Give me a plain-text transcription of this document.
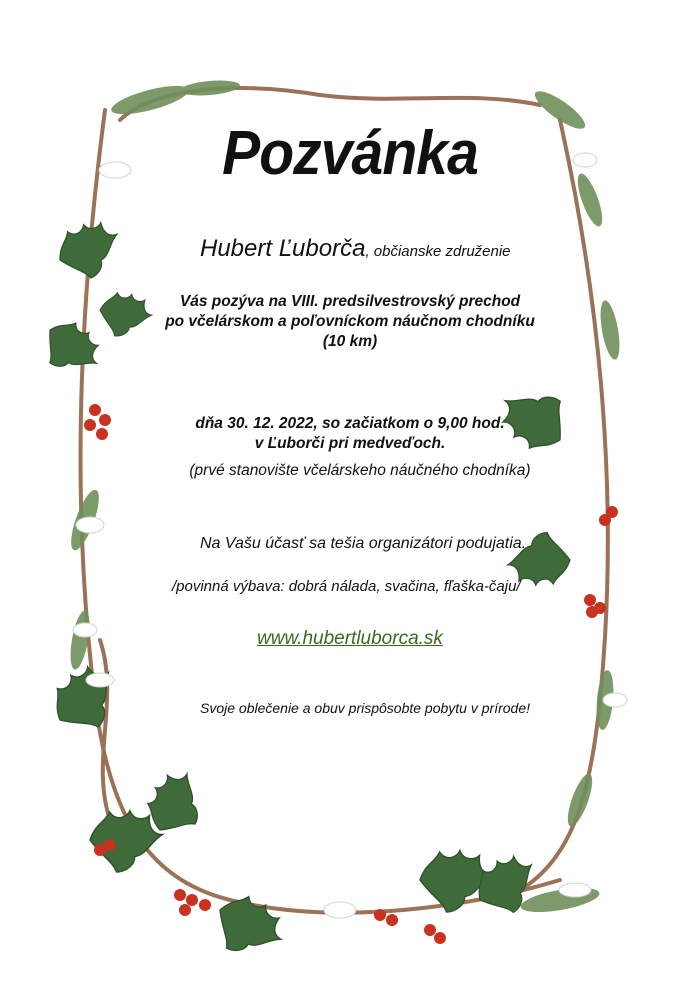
Pozvánka
Hubert Ľuborča, občianske združenie
Vás pozýva na VIII. predsilvestrovský prechod
po včelárskom a poľovníckom náučnom chodníku
(10 km)
dňa 30. 12. 2022, so začiatkom o 9,00 hod.
v Ľuborči pri medveďoch.
(prvé stanovište včelárskeho náučného chodníka)
Na Vašu účasť sa tešia organizátori podujatia.
/povinná výbava: dobrá nálada, svačina, fľaška-čaju/
www.hubertluborca.sk
Svoje oblečenie a obuv prispôsobte pobytu v prírode!
